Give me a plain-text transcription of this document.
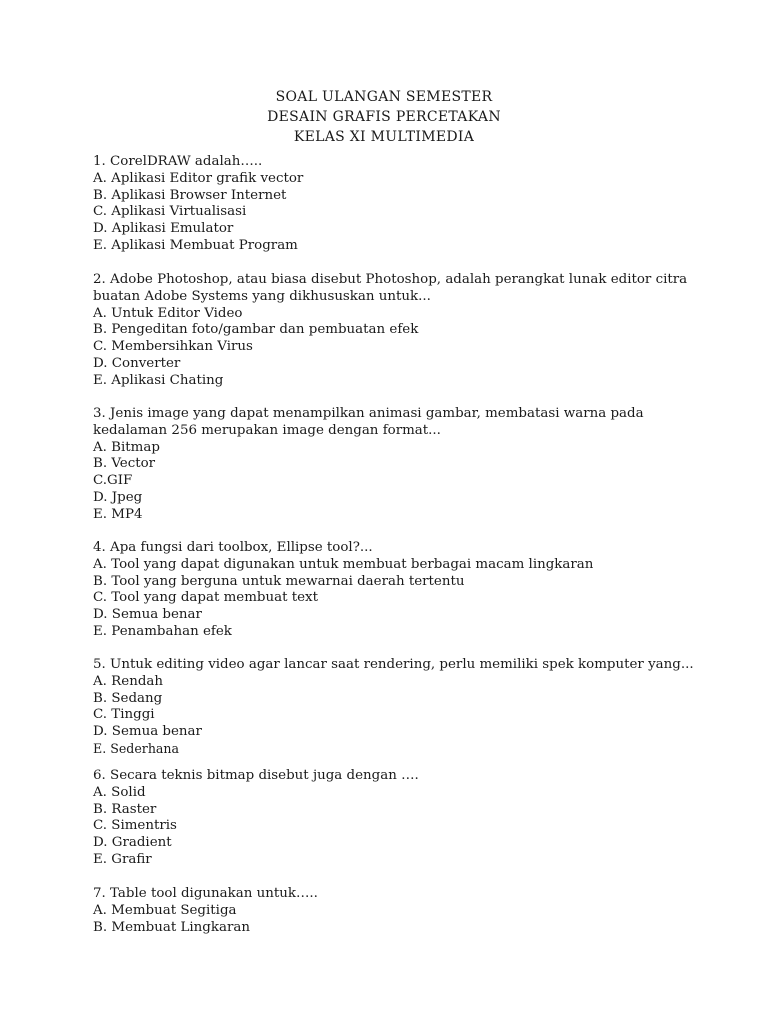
SOAL ULANGAN SEMESTER
DESAIN GRAFIS PERCETAKAN
KELAS XI MULTIMEDIA
1. CorelDRAW adalah…..
A. Aplikasi Editor grafik vector
B. Aplikasi Browser Internet
C. Aplikasi Virtualisasi
D. Aplikasi Emulator
E. Aplikasi Membuat Program
2. Adobe Photoshop, atau biasa disebut Photoshop, adalah perangkat lunak editor citra buatan Adobe Systems yang dikhususkan untuk...
A. Untuk Editor Video
B. Pengeditan foto/gambar dan pembuatan efek
C. Membersihkan Virus
D. Converter
E. Aplikasi Chating
3. Jenis image yang dapat menampilkan animasi gambar, membatasi warna pada kedalaman 256 merupakan image dengan format...
A. Bitmap
B. Vector
C.GIF
D. Jpeg
E. MP4
4. Apa fungsi dari toolbox, Ellipse tool?...
A. Tool yang dapat digunakan untuk membuat berbagai macam lingkaran
B. Tool yang berguna untuk mewarnai daerah tertentu
C. Tool yang dapat membuat text
D. Semua benar
E. Penambahan efek
5. Untuk editing video agar lancar saat rendering, perlu memiliki spek komputer yang...
A. Rendah
B. Sedang
C. Tinggi
D. Semua benar
E. Sederhana
6. Secara teknis bitmap disebut juga dengan ….
A. Solid
B. Raster
C. Simentris
D. Gradient
E. Grafir
7. Table tool digunakan untuk…..
A. Membuat Segitiga
B. Membuat Lingkaran
